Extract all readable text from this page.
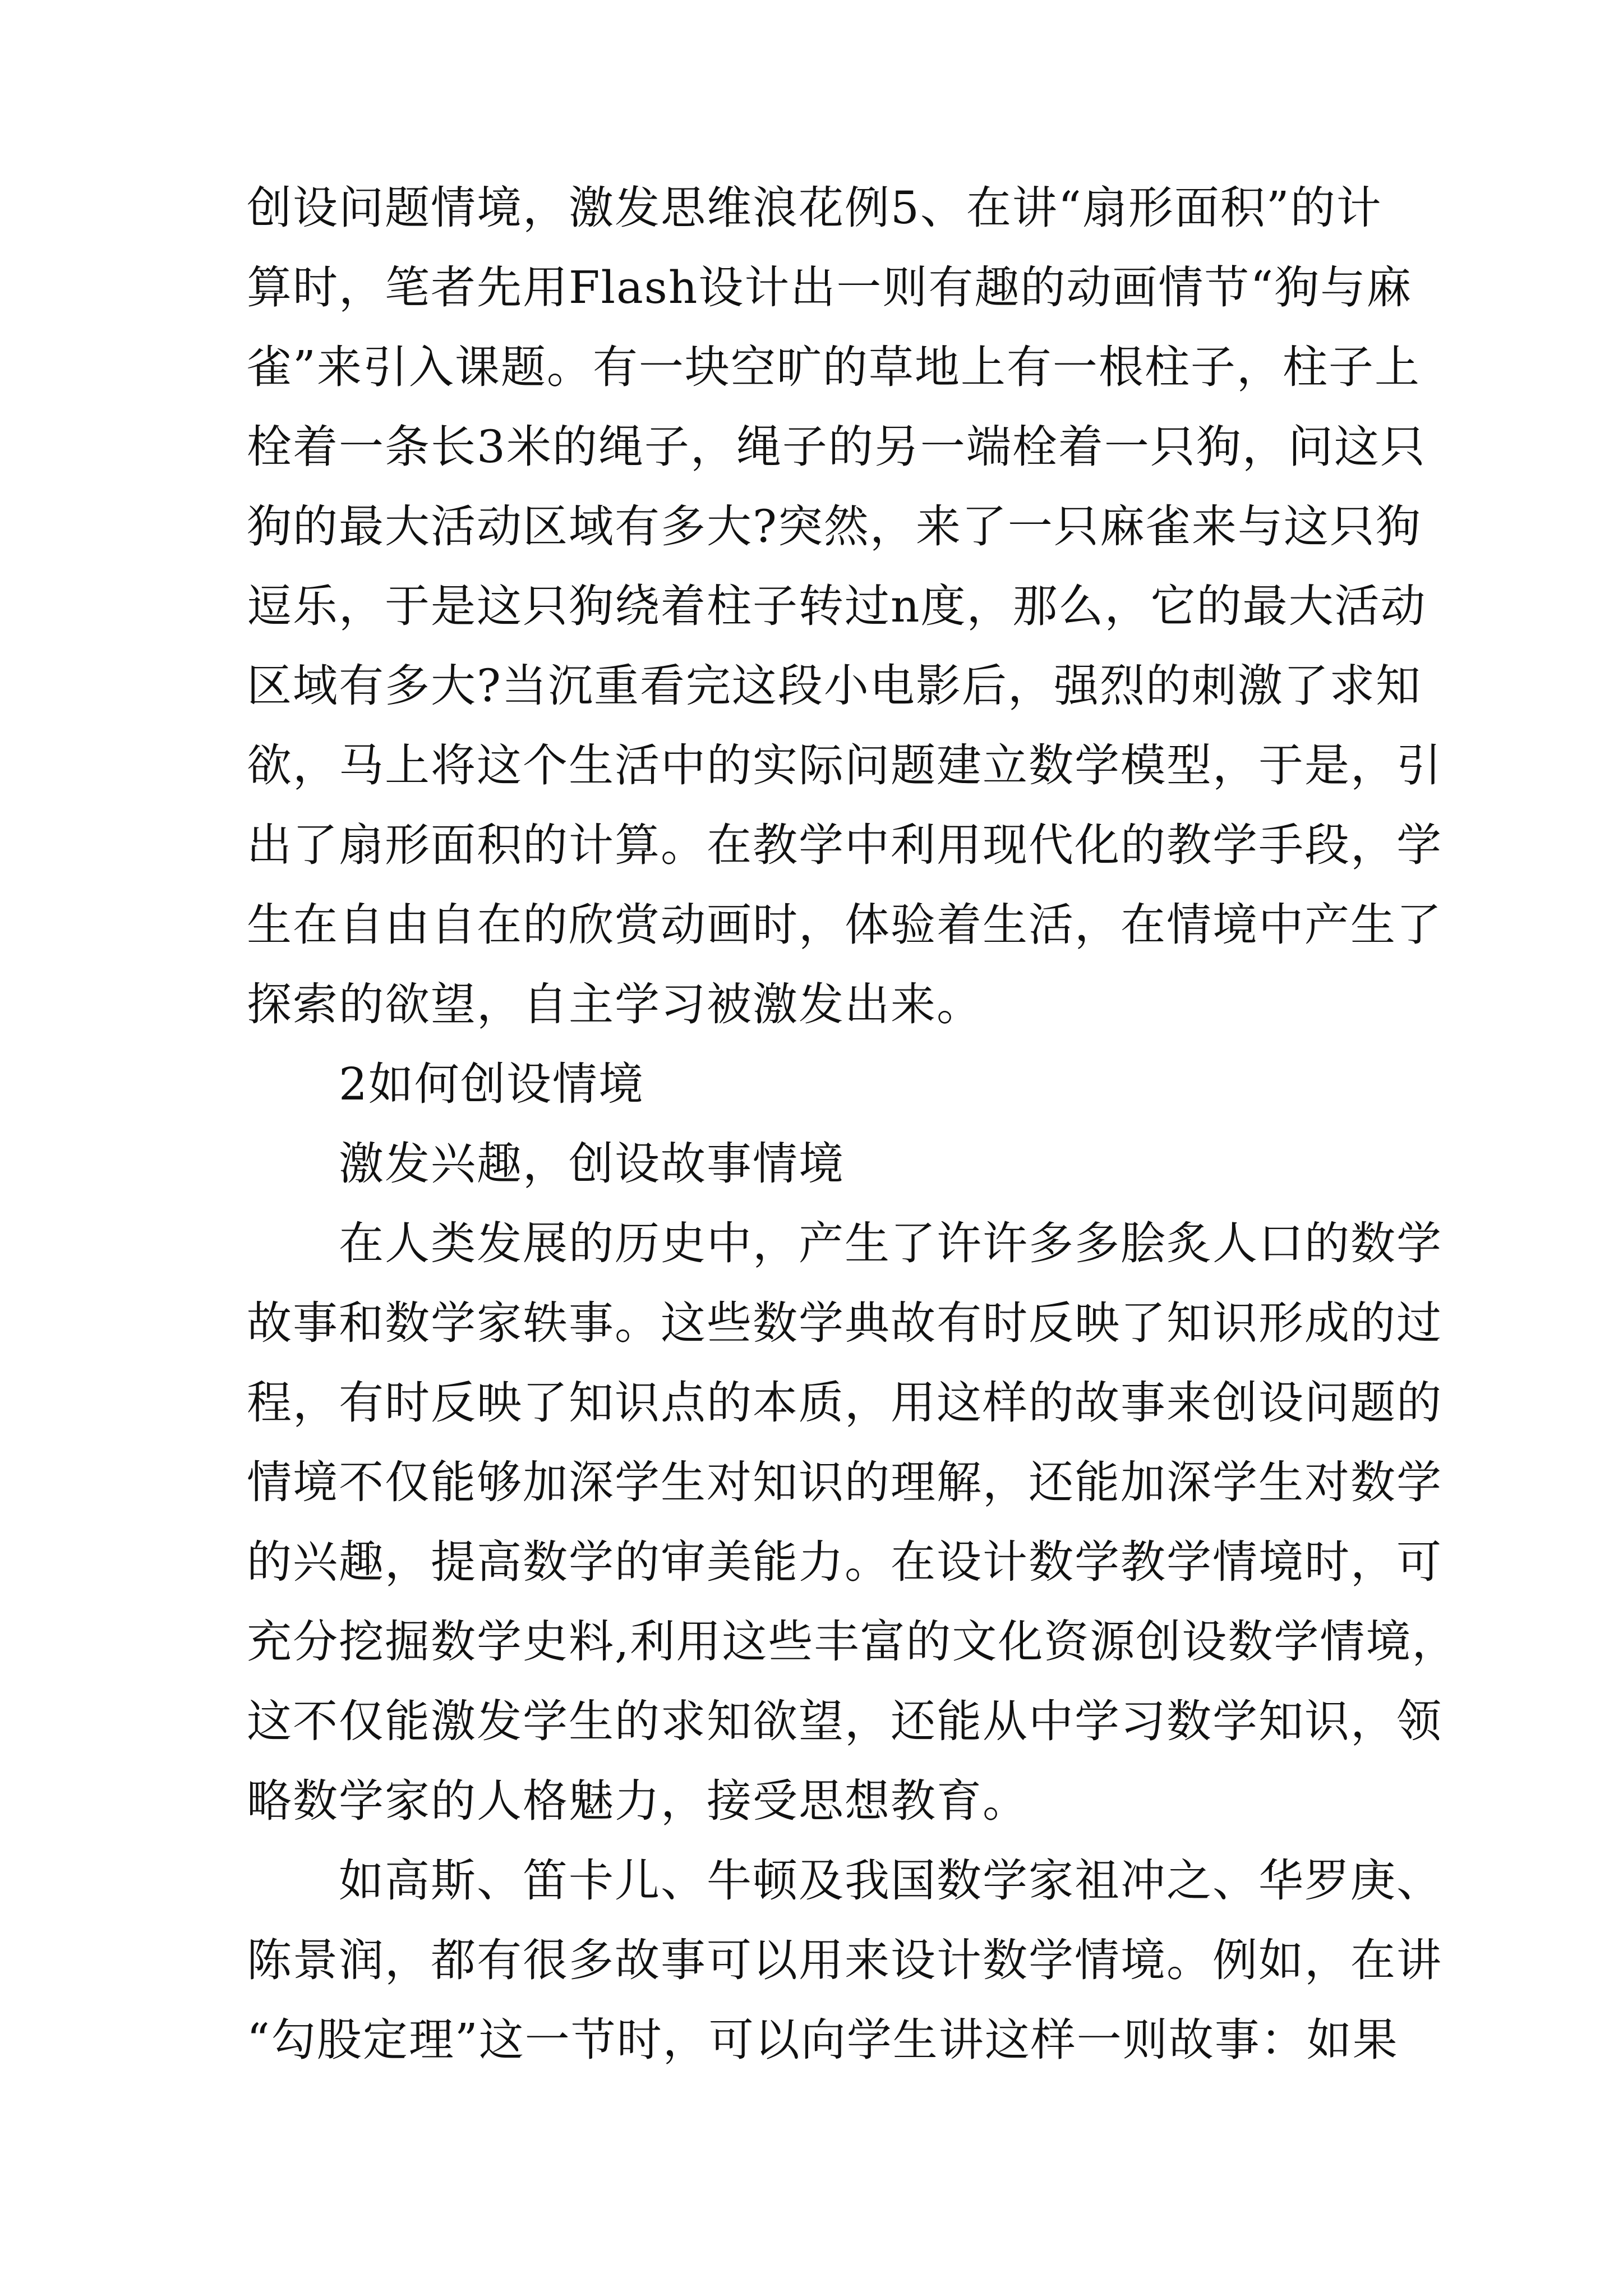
创设问题情境，激发思维浪花例5、在讲“扇形面积”的计
算时，笔者先用Flash设计出一则有趣的动画情节“狗与麻
雀”来引入课题。有一块空旷的草地上有一根柱子，柱子上
栓着一条长3米的绳子，绳子的另一端栓着一只狗，问这只
狗的最大活动区域有多大?突然，来了一只麻雀来与这只狗
逗乐，于是这只狗绕着柱子转过n度，那么，它的最大活动
区域有多大?当沉重看完这段小电影后，强烈的刺激了求知
欲，马上将这个生活中的实际问题建立数学模型，于是，引
出了扇形面积的计算。在教学中利用现代化的教学手段，学
生在自由自在的欣赏动画时，体验着生活，在情境中产生了
探索的欲望，自主学习被激发出来。
　　2如何创设情境
　　激发兴趣，创设故事情境
　　在人类发展的历史中，产生了许许多多脍炙人口的数学
故事和数学家轶事。这些数学典故有时反映了知识形成的过
程，有时反映了知识点的本质，用这样的故事来创设问题的
情境不仅能够加深学生对知识的理解，还能加深学生对数学
的兴趣，提高数学的审美能力。在设计数学教学情境时，可
充分挖掘数学史料,利用这些丰富的文化资源创设数学情境，
这不仅能激发学生的求知欲望，还能从中学习数学知识，领
略数学家的人格魅力，接受思想教育。
　　如高斯、笛卡儿、牛顿及我国数学家祖冲之、华罗庚、
陈景润，都有很多故事可以用来设计数学情境。例如，在讲
“勾股定理”这一节时，可以向学生讲这样一则故事：如果
